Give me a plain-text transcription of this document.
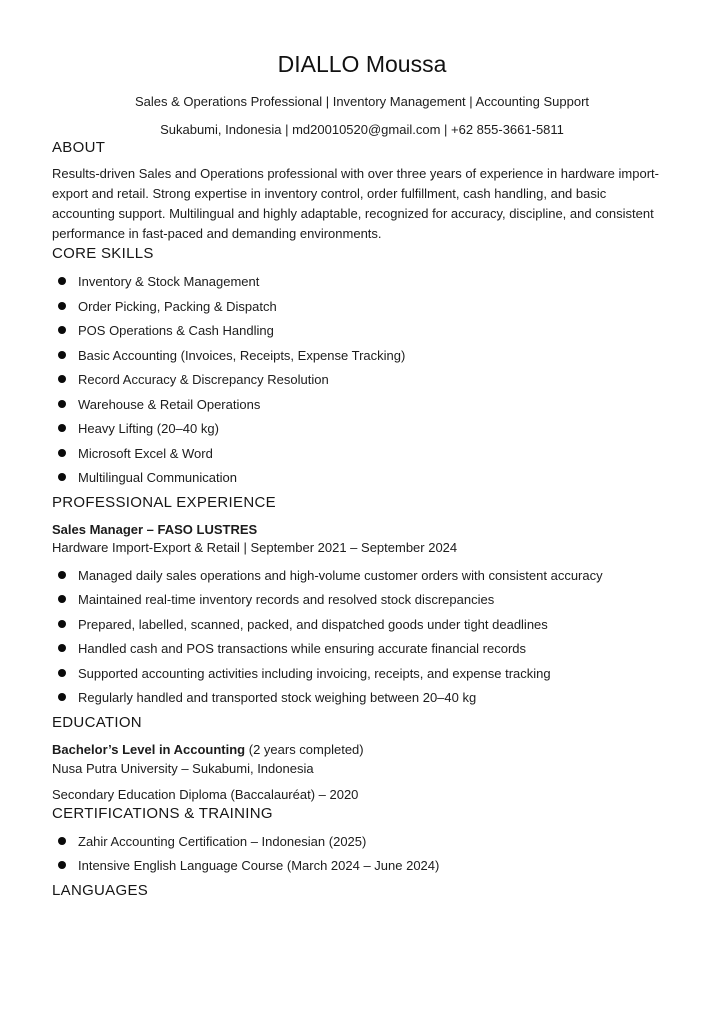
DIALLO Moussa

Sales & Operations Professional | Inventory Management | Accounting Support

Sukabumi, Indonesia | md20010520@gmail.com | +62 855-3661-5811

ABOUT

Results-driven Sales and Operations professional with over three years of experience in hardware import-export and retail. Strong expertise in inventory control, order fulfillment, cash handling, and basic accounting support. Multilingual and highly adaptable, recognized for accuracy, discipline, and consistent performance in fast-paced and demanding environments.

CORE SKILLS
Inventory & Stock Management
Order Picking, Packing & Dispatch
POS Operations & Cash Handling
Basic Accounting (Invoices, Receipts, Expense Tracking)
Record Accuracy & Discrepancy Resolution
Warehouse & Retail Operations
Heavy Lifting (20–40 kg)
Microsoft Excel & Word
Multilingual Communication
PROFESSIONAL EXPERIENCE

Sales Manager – FASO LUSTRES

Hardware Import-Export & Retail | September 2021 – September 2024

Managed daily sales operations and high-volume customer orders with consistent accuracy
Maintained real-time inventory records and resolved stock discrepancies
Prepared, labelled, scanned, packed, and dispatched goods under tight deadlines
Handled cash and POS transactions while ensuring accurate financial records
Supported accounting activities including invoicing, receipts, and expense tracking
Regularly handled and transported stock weighing between 20–40 kg
EDUCATION

Bachelor’s Level in Accounting (2 years completed)

Nusa Putra University – Sukabumi, Indonesia

Secondary Education Diploma (Baccalauréat) – 2020

CERTIFICATIONS & TRAINING
Zahir Accounting Certification – Indonesian (2025)
Intensive English Language Course (March 2024 – June 2024)
LANGUAGES
